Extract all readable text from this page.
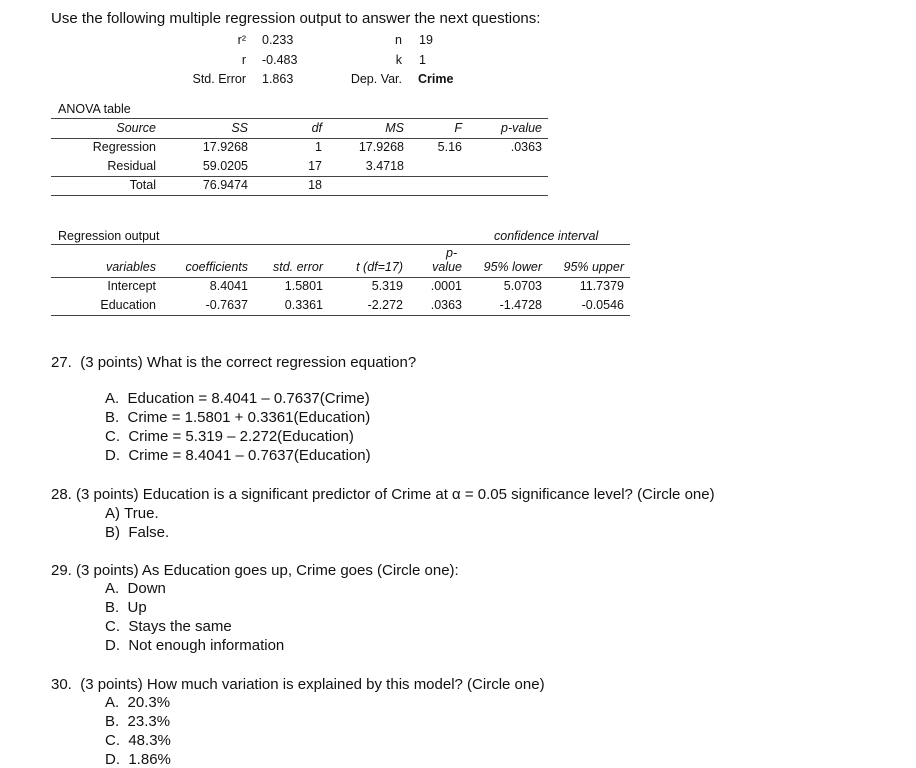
Use the following multiple regression output to answer the next questions:
r² 0.233
r -0.483
Std. Error 1.863
n 19
k 1
Dep. Var. Crime
ANOVA table
Source	SS	df	MS	F	p-value
Regression	17.9268	1	17.9268	5.16	.0363
Residual	59.0205	17	3.4718
Total	76.9474	18
Regression output	confidence interval
p-
variables	coefficients	std. error	t (df=17)	value	95% lower	95% upper
Intercept	8.4041	1.5801	5.319	.0001	5.0703	11.7379
Education	-0.7637	0.3361	-2.272	.0363	-1.4728	-0.0546
27. (3 points) What is the correct regression equation?
A. Education = 8.4041 – 0.7637(Crime)
B. Crime = 1.5801 + 0.3361(Education)
C. Crime = 5.319 – 2.272(Education)
D. Crime = 8.4041 – 0.7637(Education)
28. (3 points) Education is a significant predictor of Crime at α = 0.05 significance level? (Circle one)
A) True.
B) False.
29. (3 points) As Education goes up, Crime goes (Circle one):
A. Down
B. Up
C. Stays the same
D. Not enough information
30. (3 points) How much variation is explained by this model? (Circle one)
A. 20.3%
B. 23.3%
C. 48.3%
D. 1.86%
